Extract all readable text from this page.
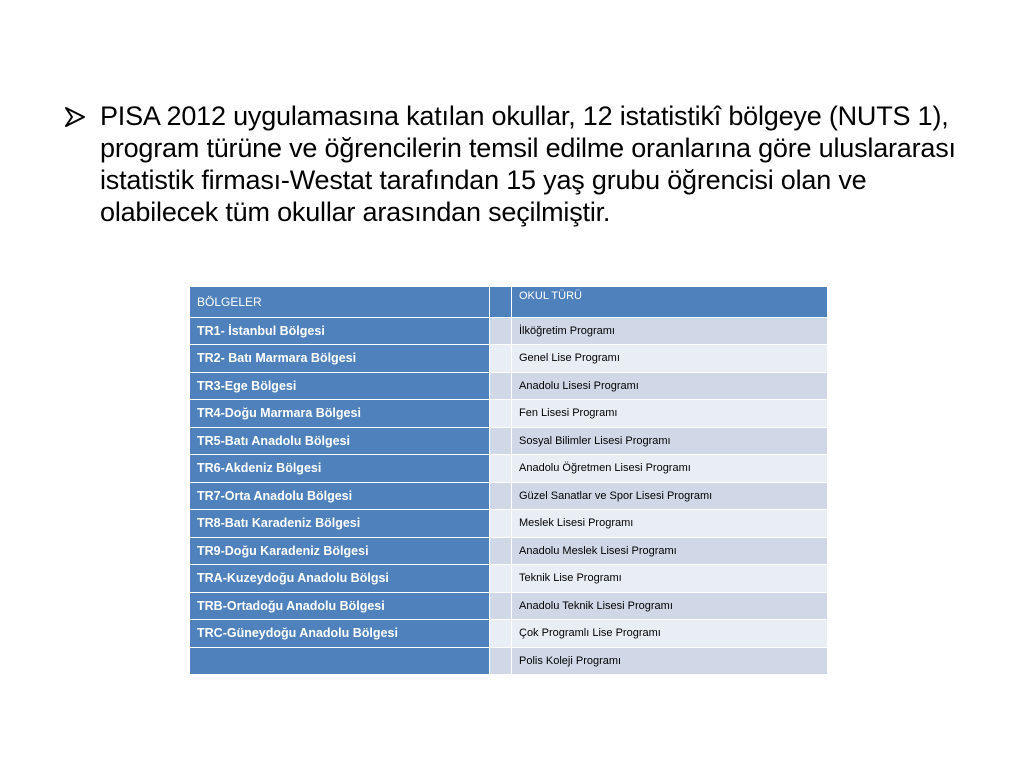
PISA 2012 uygulamasına katılan okullar, 12 istatistikî bölgeye (NUTS 1), program türüne ve öğrencilerin temsil edilme oranlarına göre uluslararası istatistik firması-Westat tarafından 15 yaş grubu öğrencisi olan ve olabilecek tüm okullar arasından seçilmiştir.
BÖLGELER		OKUL TÜRÜ
TR1- İstanbul Bölgesi		İlköğretim Programı
TR2- Batı Marmara Bölgesi		Genel Lise Programı
TR3-Ege Bölgesi		Anadolu Lisesi Programı
TR4-Doğu Marmara Bölgesi		Fen Lisesi Programı
TR5-Batı Anadolu Bölgesi		Sosyal Bilimler Lisesi Programı
TR6-Akdeniz Bölgesi		Anadolu Öğretmen Lisesi Programı
TR7-Orta Anadolu Bölgesi		Güzel Sanatlar ve Spor Lisesi Programı
TR8-Batı Karadeniz Bölgesi		Meslek Lisesi Programı
TR9-Doğu Karadeniz Bölgesi		Anadolu Meslek Lisesi Programı
TRA-Kuzeydoğu Anadolu Bölgsi		Teknik Lise Programı
TRB-Ortadoğu Anadolu Bölgesi		Anadolu Teknik Lisesi Programı
TRC-Güneydoğu Anadolu Bölgesi		Çok Programlı Lise Programı
		Polis Koleji Programı
